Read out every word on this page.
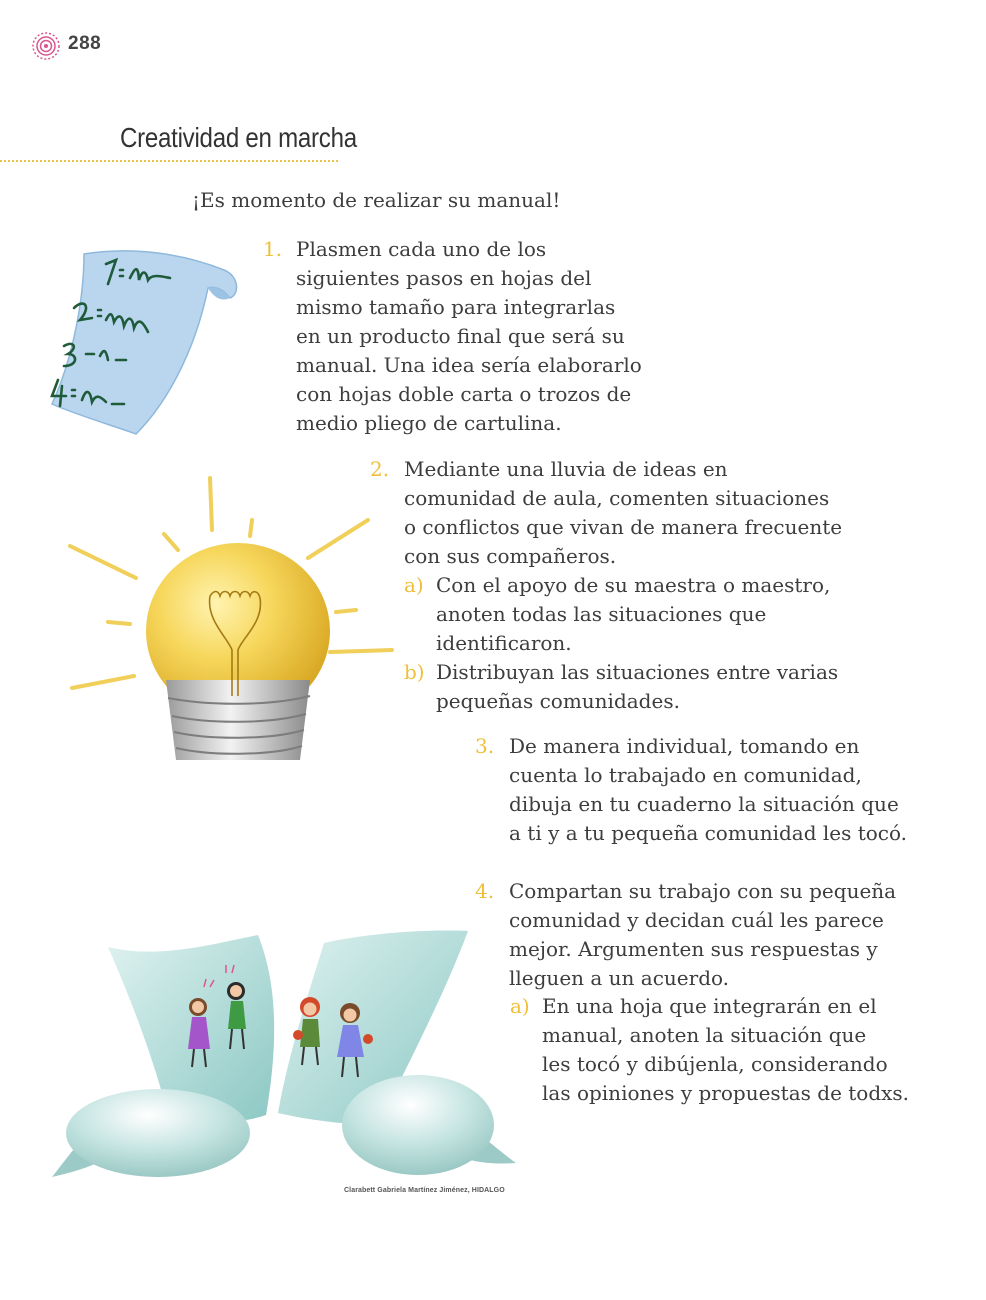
288
Creatividad en marcha
¡Es momento de realizar su manual!
1. Plasmen cada uno de los
siguientes pasos en hojas del
mismo tamaño para integrarlas
en un producto final que será su
manual. Una idea sería elaborarlo
con hojas doble carta o trozos de
medio pliego de cartulina.
2. Mediante una lluvia de ideas en
comunidad de aula, comenten situaciones
o conflictos que vivan de manera frecuente
con sus compañeros.
a) Con el apoyo de su maestra o maestro,
anoten todas las situaciones que
identificaron.
b) Distribuyan las situaciones entre varias
pequeñas comunidades.
3. De manera individual, tomando en
cuenta lo trabajado en comunidad,
dibuja en tu cuaderno la situación que
a ti y a tu pequeña comunidad les tocó.
4. Compartan su trabajo con su pequeña
comunidad y decidan cuál les parece
mejor. Argumenten sus respuestas y
lleguen a un acuerdo.
a) En una hoja que integrarán en el
manual, anoten la situación que
les tocó y dibújenla, considerando
las opiniones y propuestas de todxs.
Clarabett Gabriela Martínez Jiménez, HIDALGO
